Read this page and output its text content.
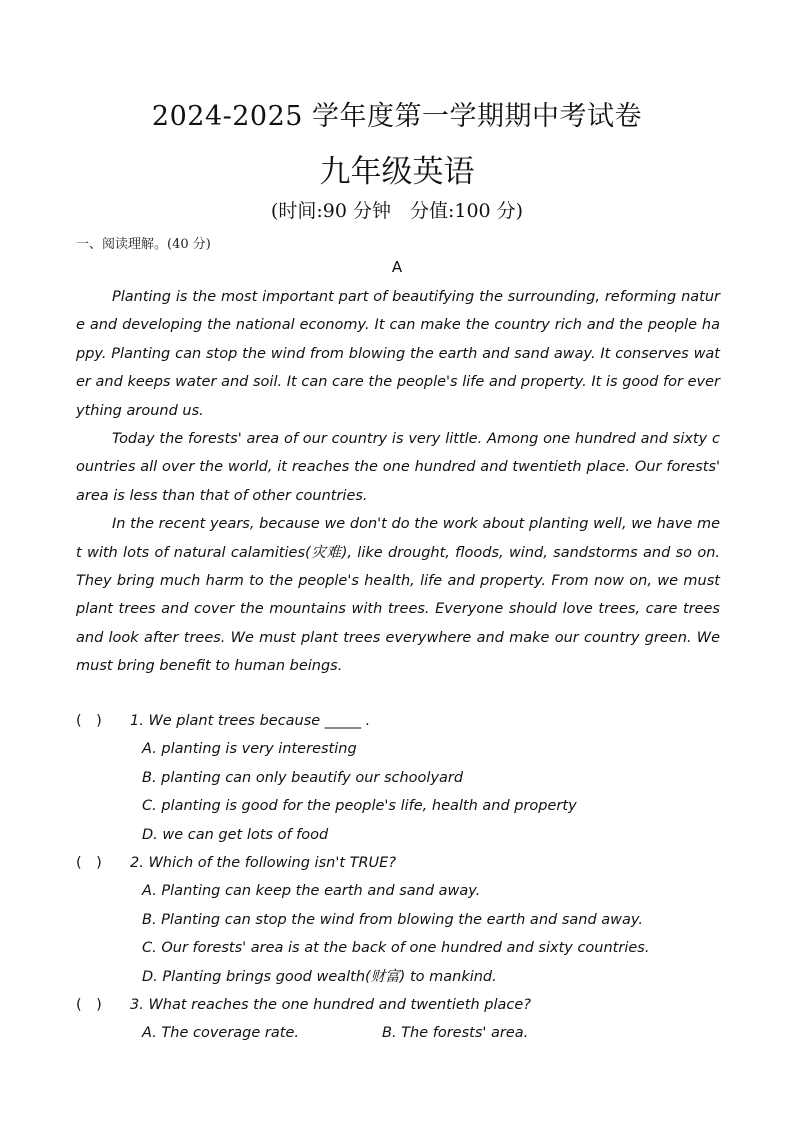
2024-2025 学年度第一学期期中考试卷
九年级英语
(时间:90 分钟　分值:100 分)
一、阅读理解。(40 分)
A

Planting is the most important part of beautifying the surrounding, reforming nature and developing the national economy. It can make the country rich and the people happy. Planting can stop the wind from blowing the earth and sand away. It conserves water and keeps water and soil. It can care the people's life and property. It is good for everything around us.

Today the forests' area of our country is very little. Among one hundred and sixty countries all over the world, it reaches the one hundred and twentieth place. Our forests' area is less than that of other countries.

In the recent years, because we don't do the work about planting well, we have met with lots of natural calamities(灾难), like drought, floods, wind, sandstorms and so on. They bring much harm to the people's health, life and property. From now on, we must plant trees and cover the mountains with trees. Everyone should love trees, care trees and look after trees. We must plant trees everywhere and make our country green. We must bring benefit to human beings.

(　) 1. We plant trees because _____ .
A. planting is very interesting
B. planting can only beautify our schoolyard
C. planting is good for the people's life, health and property
D. we can get lots of food
(　) 2. Which of the following isn't TRUE?
A. Planting can keep the earth and sand away.
B. Planting can stop the wind from blowing the earth and sand away.
C. Our forests' area is at the back of one hundred and sixty countries.
D. Planting brings good wealth(财富) to mankind.
(　) 3. What reaches the one hundred and twentieth place?
A. The coverage rate.	B. The forests' area.
